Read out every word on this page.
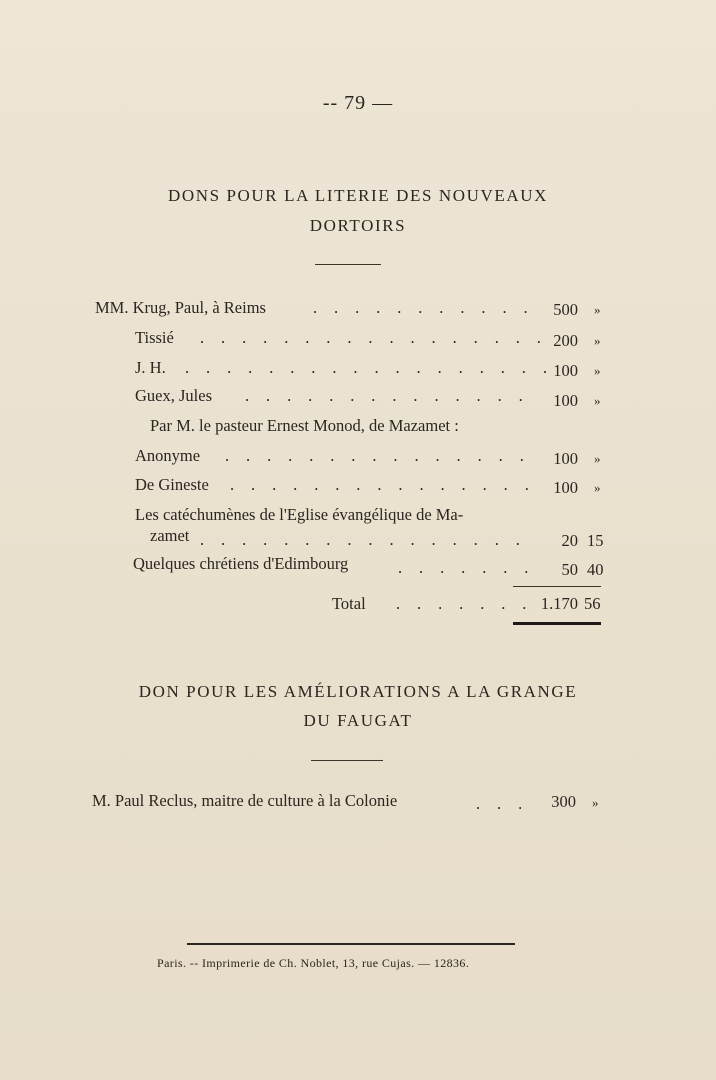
-- 79 —
DONS POUR LA LITERIE DES NOUVEAUX
DORTOIRS
MM. Krug, Paul, à Reims	. . . . . . . . . . .	500 »
Tissié . . . . . . . . . . . . . . . . . 200 »
J. H. . . . . . . . . . . . . . . . . . . 100 »
Guex, Jules . . . . . . . . . . . . . .	100 »
Par M. le pasteur Ernest Monod, de Mazamet :
Anonyme . . . . . . . . . . . . . . .	100 »
De Gineste . . . . . . . . . . . . . . .	100 »
Les catéchumènes de l'Eglise évangélique de Ma-
zamet . . . . . . . . . . . . . . . .	20 15
Quelques chrétiens d'Edimbourg	. . . . . . .	50 40
Total . . . . . . . 1.170 56
DON POUR LES AMÉLIORATIONS A LA GRANGE
DU FAUGAT
M. Paul Reclus, maitre de culture à la Colonie	. . .	300 »
Paris. -- Imprimerie de Ch. Noblet, 13, rue Cujas. — 12836.
